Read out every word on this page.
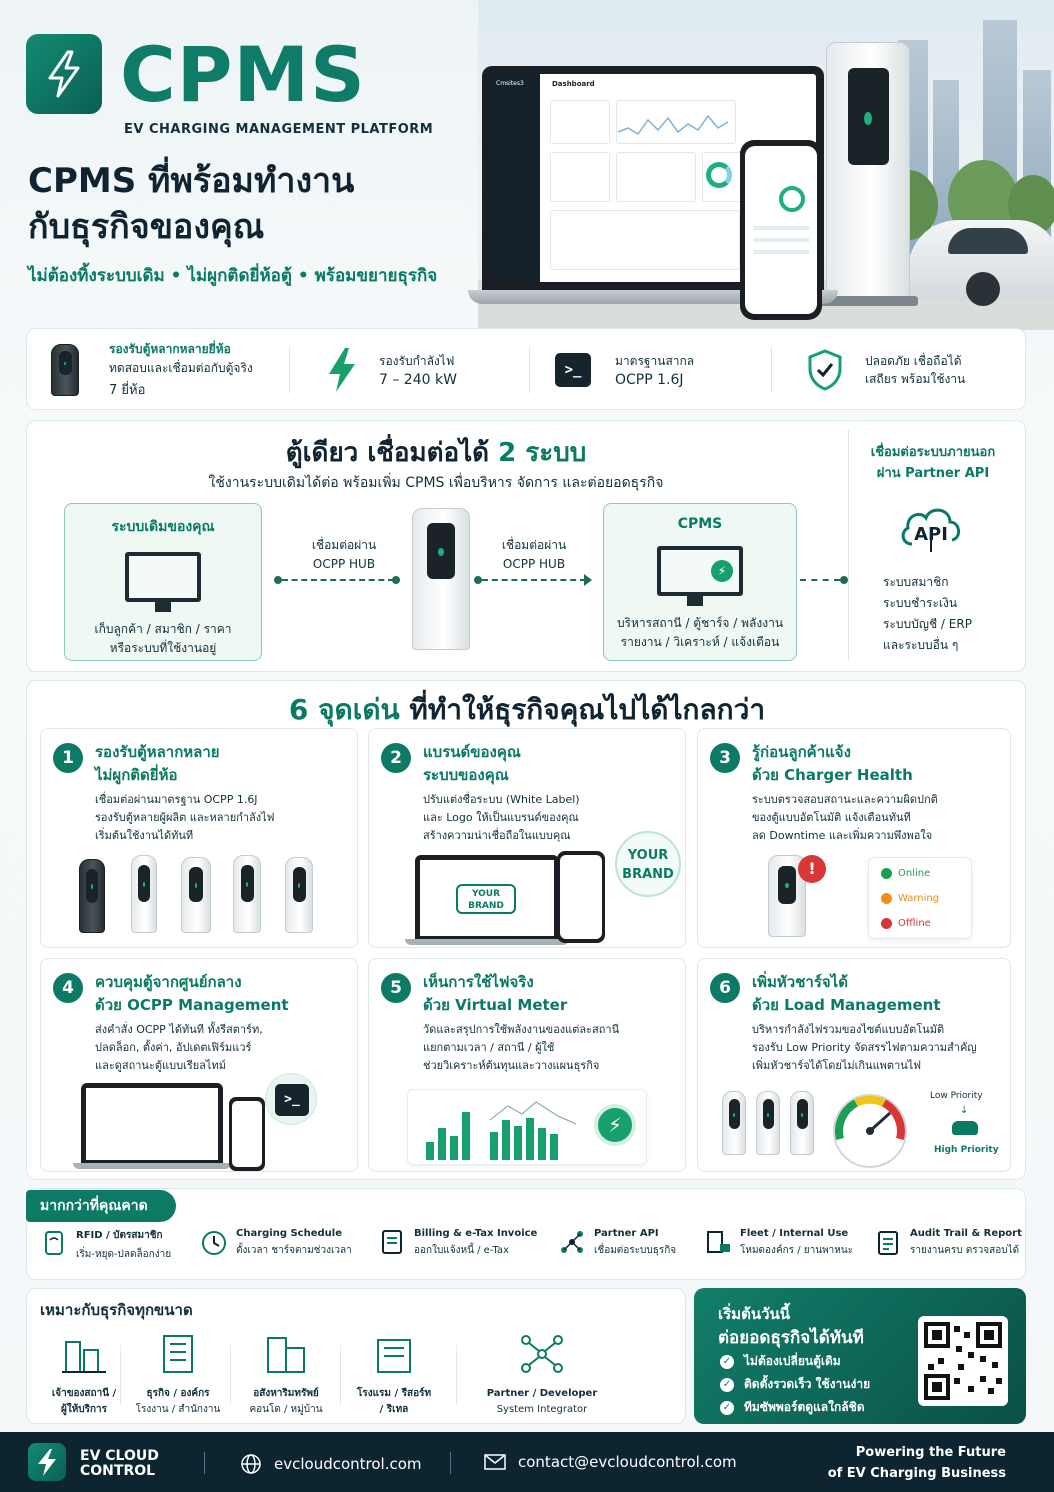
CPMS
EV CHARGING MANAGEMENT PLATFORM
CPMS ที่พร้อมทำงาน
กับธุรกิจของคุณ
ไม่ต้องทิ้งระบบเดิม • ไม่ผูกติดยี่ห้อตู้ • พร้อมขยายธุรกิจ
Cmsites3	Dashboard
รองรับตู้หลากหลายยี่ห้อ
ทดสอบและเชื่อมต่อกับตู้จริง
7 ยี่ห้อ
รองรับกำลังไฟ
7 – 240 kW
>_
มาตรฐานสากล
OCPP 1.6J
ปลอดภัย เชื่อถือได้
เสถียร พร้อมใช้งาน
ตู้เดียว เชื่อมต่อได้ 2 ระบบ
ใช้งานระบบเดิมได้ต่อ พร้อมเพิ่ม CPMS เพื่อบริหาร จัดการ และต่อยอดธุรกิจ
ระบบเดิมของคุณ
เก็บลูกค้า / สมาชิก / ราคา
หรือระบบที่ใช้งานอยู่
เชื่อมต่อผ่าน
OCPP HUB
เชื่อมต่อผ่าน
OCPP HUB
CPMS
⚡
บริหารสถานี / ตู้ชาร์จ / พลังงาน
รายงาน / วิเคราะห์ / แจ้งเตือน
เชื่อมต่อระบบภายนอก
ผ่าน Partner API
API
ระบบสมาชิก
ระบบชำระเงิน
ระบบบัญชี / ERP
และระบบอื่น ๆ
6 จุดเด่น ที่ทำให้ธุรกิจคุณไปได้ไกลกว่า
1	รองรับตู้หลากหลาย
ไม่ผูกติดยี่ห้อ
เชื่อมต่อผ่านมาตรฐาน OCPP 1.6J
รองรับตู้หลายผู้ผลิต และหลายกำลังไฟ
เริ่มต้นใช้งานได้ทันที
2	แบรนด์ของคุณ
ระบบของคุณ
ปรับแต่งชื่อระบบ (White Label)
และ Logo ให้เป็นแบรนด์ของคุณ
สร้างความน่าเชื่อถือในแบบคุณ
YOUR BRAND
YOUR BRAND
3	รู้ก่อนลูกค้าแจ้ง
ด้วย Charger Health
ระบบตรวจสอบสถานะและความผิดปกติ
ของตู้แบบอัตโนมัติ แจ้งเตือนทันที
ลด Downtime และเพิ่มความพึงพอใจ
!	Online
Warning
Offline
4	ควบคุมตู้จากศูนย์กลาง
ด้วย OCPP Management
ส่งคำสั่ง OCPP ได้ทันที ทั้งรีสตาร์ท,
ปลดล็อก, ตั้งค่า, อัปเดตเฟิร์มแวร์
และดูสถานะตู้แบบเรียลไทม์
>_
5	เห็นการใช้ไฟจริง
ด้วย Virtual Meter
วัดและสรุปการใช้พลังงานของแต่ละสถานี
แยกตามเวลา / สถานี / ผู้ใช้
ช่วยวิเคราะห์ต้นทุนและวางแผนธุรกิจ
⚡
6	เพิ่มหัวชาร์จได้
ด้วย Load Management
บริหารกำลังไฟรวมของไซต์แบบอัตโนมัติ
รองรับ Low Priority จัดสรรไฟตามความสำคัญ
เพิ่มหัวชาร์จได้โดยไม่เกินแพตานไฟ
Low Priority
↓
High Priority
มากกว่าที่คุณคาด
RFID / บัตรสมาชิก
เริ่ม-หยุด-ปลดล็อกง่าย
Charging Schedule
ตั้งเวลา ชาร์จตามช่วงเวลา
Billing & e-Tax Invoice
ออกใบแจ้งหนี้ / e-Tax
Partner API
เชื่อมต่อระบบธุรกิจ
Fleet / Internal Use
โหมดองค์กร / ยานพาหนะ
Audit Trail & Report
รายงานครบ ตรวจสอบได้
เหมาะกับธุรกิจทุกขนาด
เจ้าของสถานี /
ผู้ให้บริการ
ธุรกิจ / องค์กร
โรงงาน / สำนักงาน
อสังหาริมทรัพย์
คอนโด / หมู่บ้าน
โรงแรม / รีสอร์ท
/ ริเทล
Partner / Developer
System Integrator
เริ่มต้นวันนี้
ต่อยอดธุรกิจได้ทันที
✓ ไม่ต้องเปลี่ยนตู้เดิม
✓ ติดตั้งรวดเร็ว ใช้งานง่าย
✓ ทีมซัพพอร์ตดูแลใกล้ชิด
EV CLOUD
CONTROL	evcloudcontrol.com	contact@evcloudcontrol.com
Powering the Future
of EV Charging Business
